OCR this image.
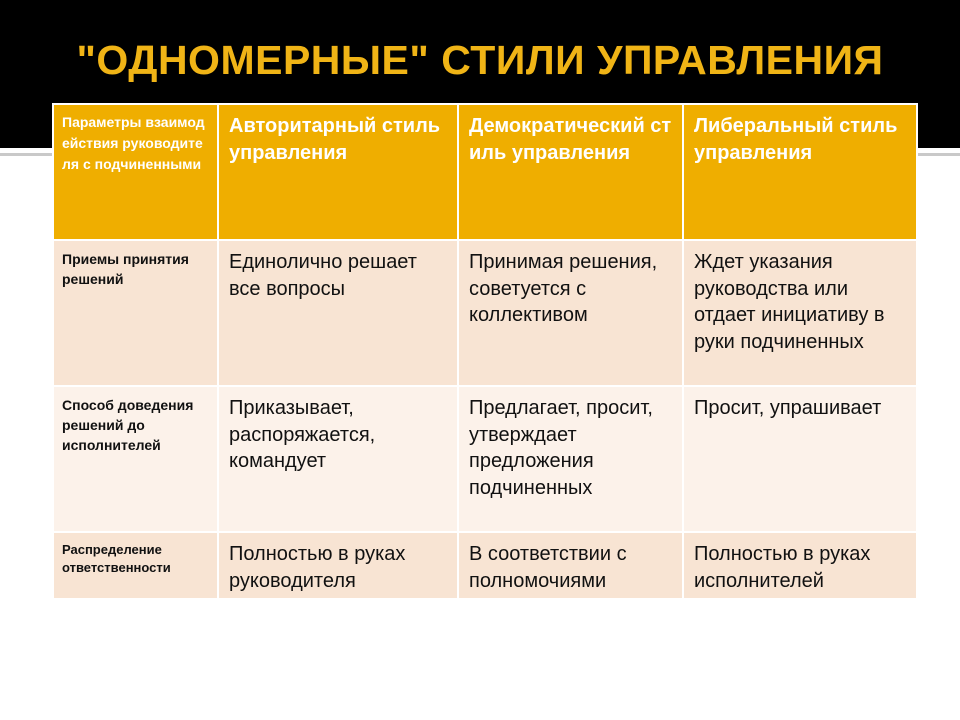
"ОДНОМЕРНЫЕ" СТИЛИ УПРАВЛЕНИЯ
Параметры взаимодействия руководителя с подчиненными	Авторитарный стильуправления	Демократический стиль управления	Либеральный стильуправления
Приемы принятия решений	Единолично решает все вопросы	Принимая решения, советуется с коллективом	Ждет указания руководства или отдает инициативу в руки подчиненных
Способ доведения решений до исполнителей	Приказывает, распоряжается, командует	Предлагает, просит, утверждает предложения подчиненных	Просит, упрашивает
Распределение ответственности	Полностью в руках руководителя	В соответствии с полномочиями	Полностью в руках исполнителей
